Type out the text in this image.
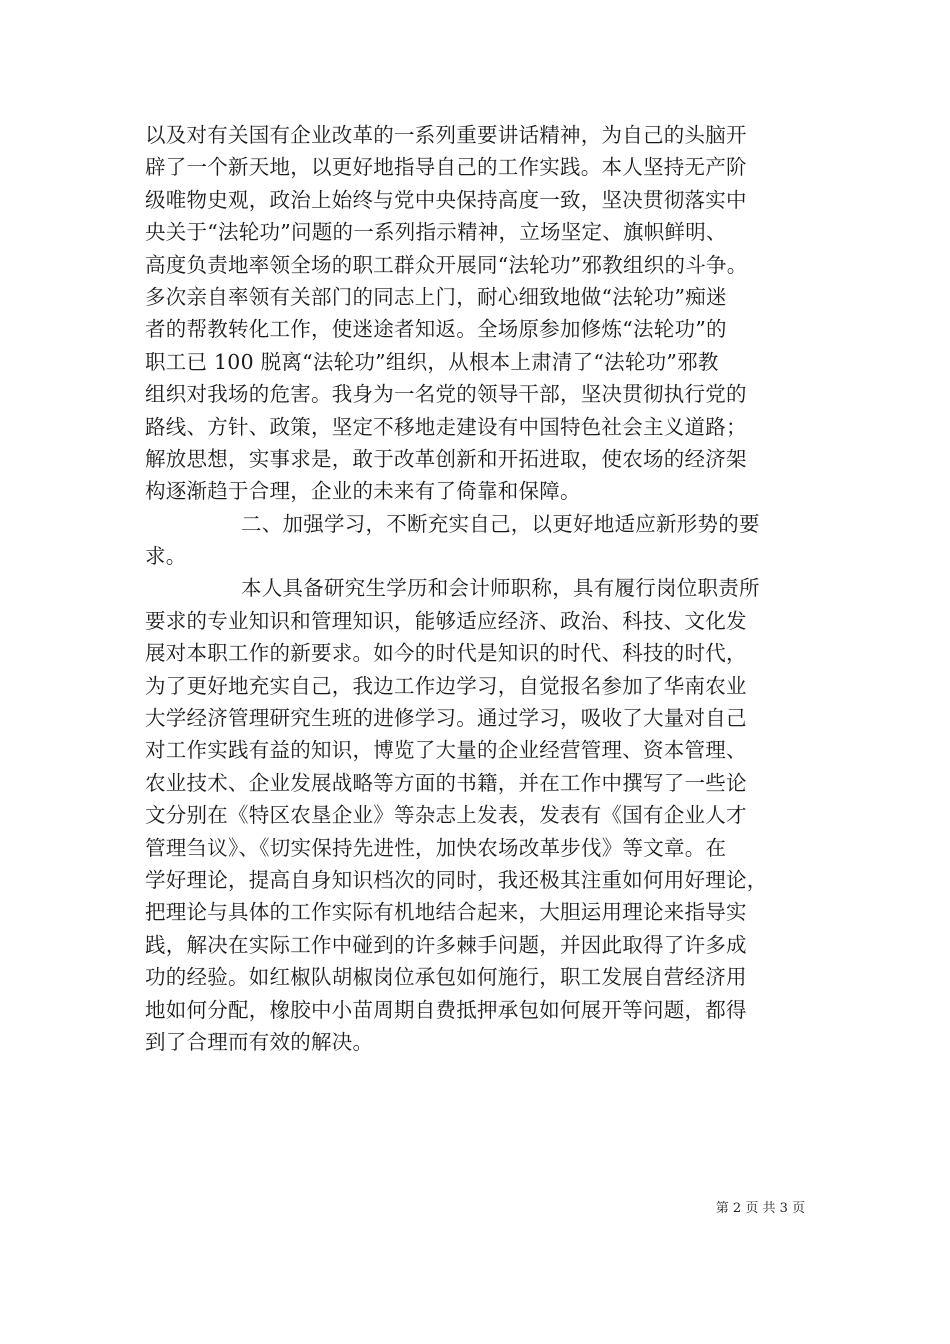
以及对有关国有企业改革的一系列重要讲话精神，为自己的头脑开
辟了一个新天地，以更好地指导自己的工作实践。本人坚持无产阶
级唯物史观，政治上始终与党中央保持高度一致，坚决贯彻落实中
央关于“法轮功”问题的一系列指示精神，立场坚定、旗帜鲜明、
高度负责地率领全场的职工群众开展同“法轮功”邪教组织的斗争。
多次亲自率领有关部门的同志上门，耐心细致地做“法轮功”痴迷
者的帮教转化工作，使迷途者知返。全场原参加修炼“法轮功”的
职工已 100 脱离“法轮功”组织，从根本上肃清了“法轮功”邪教
组织对我场的危害。我身为一名党的领导干部，坚决贯彻执行党的
路线、方针、政策，坚定不移地走建设有中国特色社会主义道路；
解放思想，实事求是，敢于改革创新和开拓进取，使农场的经济架
构逐渐趋于合理，企业的未来有了倚靠和保障。
二、加强学习，不断充实自己，以更好地适应新形势的要
求。
本人具备研究生学历和会计师职称，具有履行岗位职责所
要求的专业知识和管理知识，能够适应经济、政治、科技、文化发
展对本职工作的新要求。如今的时代是知识的时代、科技的时代，
为了更好地充实自己，我边工作边学习，自觉报名参加了华南农业
大学经济管理研究生班的进修学习。通过学习，吸收了大量对自己
对工作实践有益的知识，博览了大量的企业经营管理、资本管理、
农业技术、企业发展战略等方面的书籍，并在工作中撰写了一些论
文分别在《特区农垦企业》等杂志上发表，发表有《国有企业人才
管理刍议》、《切实保持先进性，加快农场改革步伐》等文章。在
学好理论，提高自身知识档次的同时，我还极其注重如何用好理论，
把理论与具体的工作实际有机地结合起来，大胆运用理论来指导实
践，解决在实际工作中碰到的许多棘手问题，并因此取得了许多成
功的经验。如红椒队胡椒岗位承包如何施行，职工发展自营经济用
地如何分配，橡胶中小苗周期自费抵押承包如何展开等问题，都得
到了合理而有效的解决。
第 2 页 共 3 页
